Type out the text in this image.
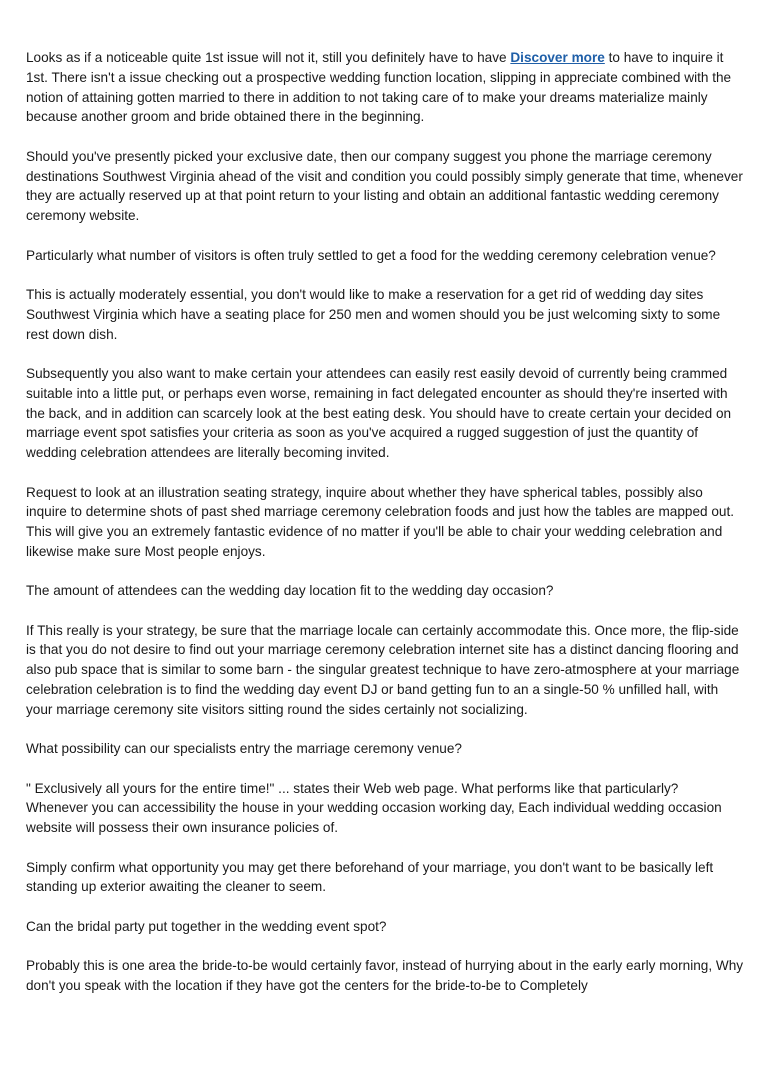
Looks as if a noticeable quite 1st issue will not it, still you definitely have to have Discover more to have to inquire it 1st. There isn't a issue checking out a prospective wedding function location, slipping in appreciate combined with the notion of attaining gotten married to there in addition to not taking care of to make your dreams materialize mainly because another groom and bride obtained there in the beginning.

Should you've presently picked your exclusive date, then our company suggest you phone the marriage ceremony destinations Southwest Virginia ahead of the visit and condition you could possibly simply generate that time, whenever they are actually reserved up at that point return to your listing and obtain an additional fantastic wedding ceremony ceremony website.

Particularly what number of visitors is often truly settled to get a food for the wedding ceremony celebration venue?

This is actually moderately essential, you don't would like to make a reservation for a get rid of wedding day sites Southwest Virginia which have a seating place for 250 men and women should you be just welcoming sixty to some rest down dish.

Subsequently you also want to make certain your attendees can easily rest easily devoid of currently being crammed suitable into a little put, or perhaps even worse, remaining in fact delegated encounter as should they're inserted with the back, and in addition can scarcely look at the best eating desk. You should have to create certain your decided on marriage event spot satisfies your criteria as soon as you've acquired a rugged suggestion of just the quantity of wedding celebration attendees are literally becoming invited.

Request to look at an illustration seating strategy, inquire about whether they have spherical tables, possibly also inquire to determine shots of past shed marriage ceremony celebration foods and just how the tables are mapped out. This will give you an extremely fantastic evidence of no matter if you'll be able to chair your wedding celebration and likewise make sure Most people enjoys.

The amount of attendees can the wedding day location fit to the wedding day occasion?

If This really is your strategy, be sure that the marriage locale can certainly accommodate this. Once more, the flip-side is that you do not desire to find out your marriage ceremony celebration internet site has a distinct dancing flooring and also pub space that is similar to some barn - the singular greatest technique to have zero-atmosphere at your marriage celebration celebration is to find the wedding day event DJ or band getting fun to an a single-50 % unfilled hall, with your marriage ceremony site visitors sitting round the sides certainly not socializing.

What possibility can our specialists entry the marriage ceremony venue?

" Exclusively all yours for the entire time!" ... states their Web web page. What performs like that particularly? Whenever you can accessibility the house in your wedding occasion working day, Each individual wedding occasion website will possess their own insurance policies of.

Simply confirm what opportunity you may get there beforehand of your marriage, you don't want to be basically left standing up exterior awaiting the cleaner to seem.

Can the bridal party put together in the wedding event spot?

Probably this is one area the bride-to-be would certainly favor, instead of hurrying about in the early early morning, Why don't you speak with the location if they have got the centers for the bride-to-be to Completely
